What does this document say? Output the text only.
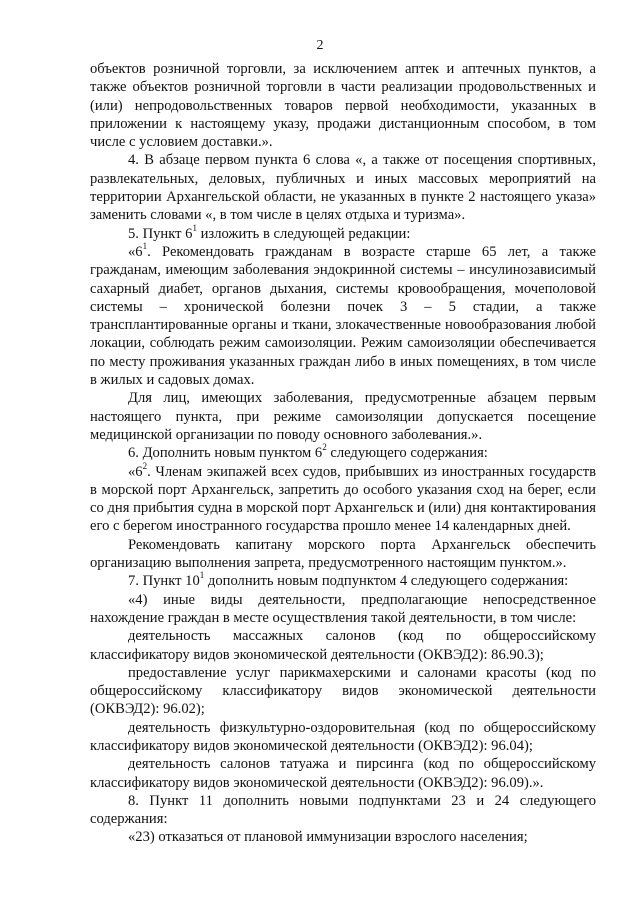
2

объектов розничной торговли, за исключением аптек и аптечных пунктов, а также объектов розничной торговли в части реализации продовольственных и (или) непродовольственных товаров первой необходимости, указанных в приложении к настоящему указу, продажи дистанционным способом, в том числе с условием доставки.».

4. В абзаце первом пункта 6 слова «, а также от посещения спортивных, развлекательных, деловых, публичных и иных массовых мероприятий на территории Архангельской области, не указанных в пункте 2 настоящего указа» заменить словами «, в том числе в целях отдыха и туризма».

5. Пункт $6^1$ изложить в следующей редакции:

«$6^1$. Рекомендовать гражданам в возрасте старше 65 лет, а также гражданам, имеющим заболевания эндокринной системы – инсулинозависимый сахарный диабет, органов дыхания, системы кровообращения, мочеполовой системы – хронической болезни почек 3 – 5 стадии, а также трансплантированные органы и ткани, злокачественные новообразования любой локации, соблюдать режим самоизоляции. Режим самоизоляции обеспечивается по месту проживания указанных граждан либо в иных помещениях, в том числе в жилых и садовых домах.

Для лиц, имеющих заболевания, предусмотренные абзацем первым настоящего пункта, при режиме самоизоляции допускается посещение медицинской организации по поводу основного заболевания.».

6. Дополнить новым пунктом $6^2$ следующего содержания:

«$6^2$. Членам экипажей всех судов, прибывших из иностранных государств в морской порт Архангельск, запретить до особого указания сход на берег, если со дня прибытия судна в морской порт Архангельск и (или) дня контактирования его с берегом иностранного государства прошло менее 14 календарных дней.

Рекомендовать капитану морского порта Архангельск обеспечить организацию выполнения запрета, предусмотренного настоящим пунктом.».

7. Пункт $10^1$ дополнить новым подпунктом 4 следующего содержания:

«4) иные виды деятельности, предполагающие непосредственное нахождение граждан в месте осуществления такой деятельности, в том числе:

деятельность массажных салонов (код по общероссийскому классификатору видов экономической деятельности (ОКВЭД2): 86.90.3);

предоставление услуг парикмахерскими и салонами красоты (код по общероссийскому классификатору видов экономической деятельности (ОКВЭД2): 96.02);

деятельность физкультурно-оздоровительная (код по общероссийскому классификатору видов экономической деятельности (ОКВЭД2): 96.04);

деятельность салонов татуажа и пирсинга (код по общероссийскому классификатору видов экономической деятельности (ОКВЭД2): 96.09).».

8. Пункт 11 дополнить новыми подпунктами 23 и 24 следующего содержания:

«23) отказаться от плановой иммунизации взрослого населения;
